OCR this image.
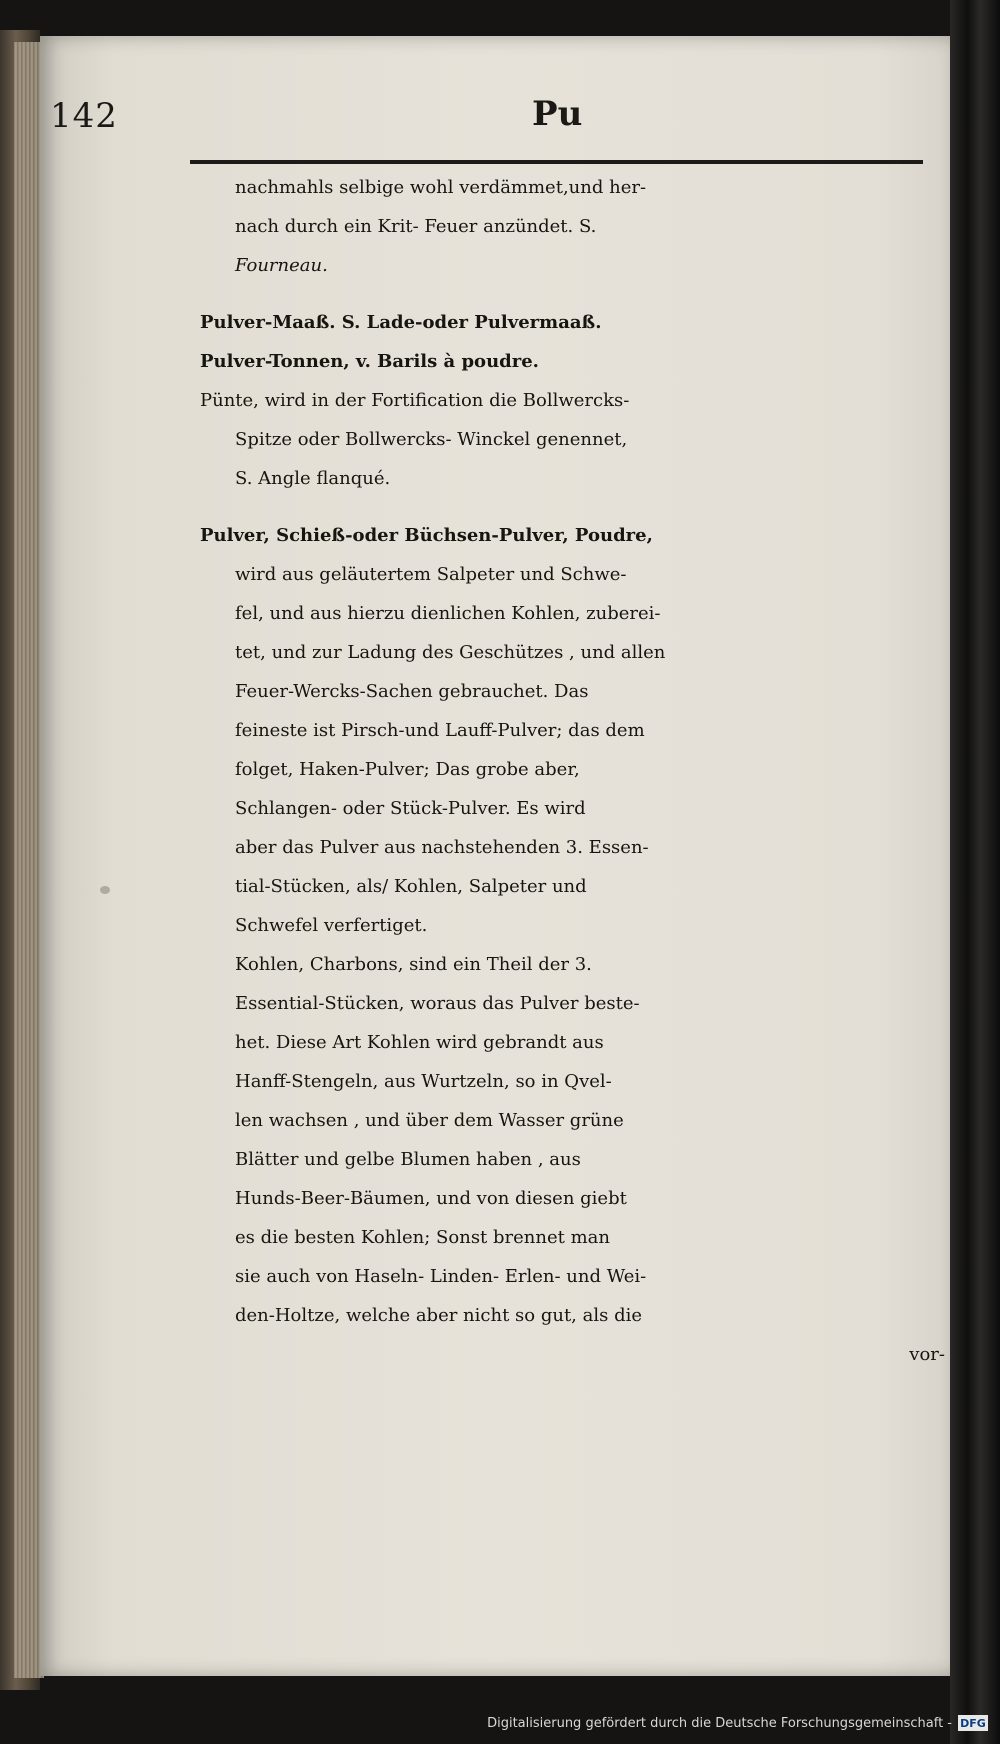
142	Pu
nachmahls selbige wohl verdämmet,und her-
nach durch ein Krit- Feuer anzündet. S.
Fourneau.
Pulver-Maaß. S. Lade-oder Pulvermaaß.
Pulver-Tonnen, v. Barils à poudre.
Pünte, wird in der Fortification die Bollwercks-
Spitze oder Bollwercks- Winckel genennet,
S. Angle flanqué.
Pulver, Schieß-oder Büchsen-Pulver, Poudre,
wird aus geläutertem Salpeter und Schwe-
fel, und aus hierzu dienlichen Kohlen, zuberei-
tet, und zur Ladung des Geschützes , und allen
Feuer-Wercks-Sachen gebrauchet. Das
feineste ist Pirsch-und Lauff-Pulver; das dem
folget, Haken-Pulver; Das grobe aber,
Schlangen- oder Stück-Pulver. Es wird
aber das Pulver aus nachstehenden 3. Essen-
tial-Stücken, als/ Kohlen, Salpeter und
Schwefel verfertiget.
Kohlen, Charbons, sind ein Theil der 3.
Essential-Stücken, woraus das Pulver beste-
het. Diese Art Kohlen wird gebrandt aus
Hanff-Stengeln, aus Wurtzeln, so in Qvel-
len wachsen , und über dem Wasser grüne
Blätter und gelbe Blumen haben , aus
Hunds-Beer-Bäumen, und von diesen giebt
es die besten Kohlen; Sonst brennet man
sie auch von Haseln- Linden- Erlen- und Wei-
den-Holtze, welche aber nicht so gut, als die
vor-
Digitalisierung gefördert durch die Deutsche Forschungsgemeinschaft - DFG
